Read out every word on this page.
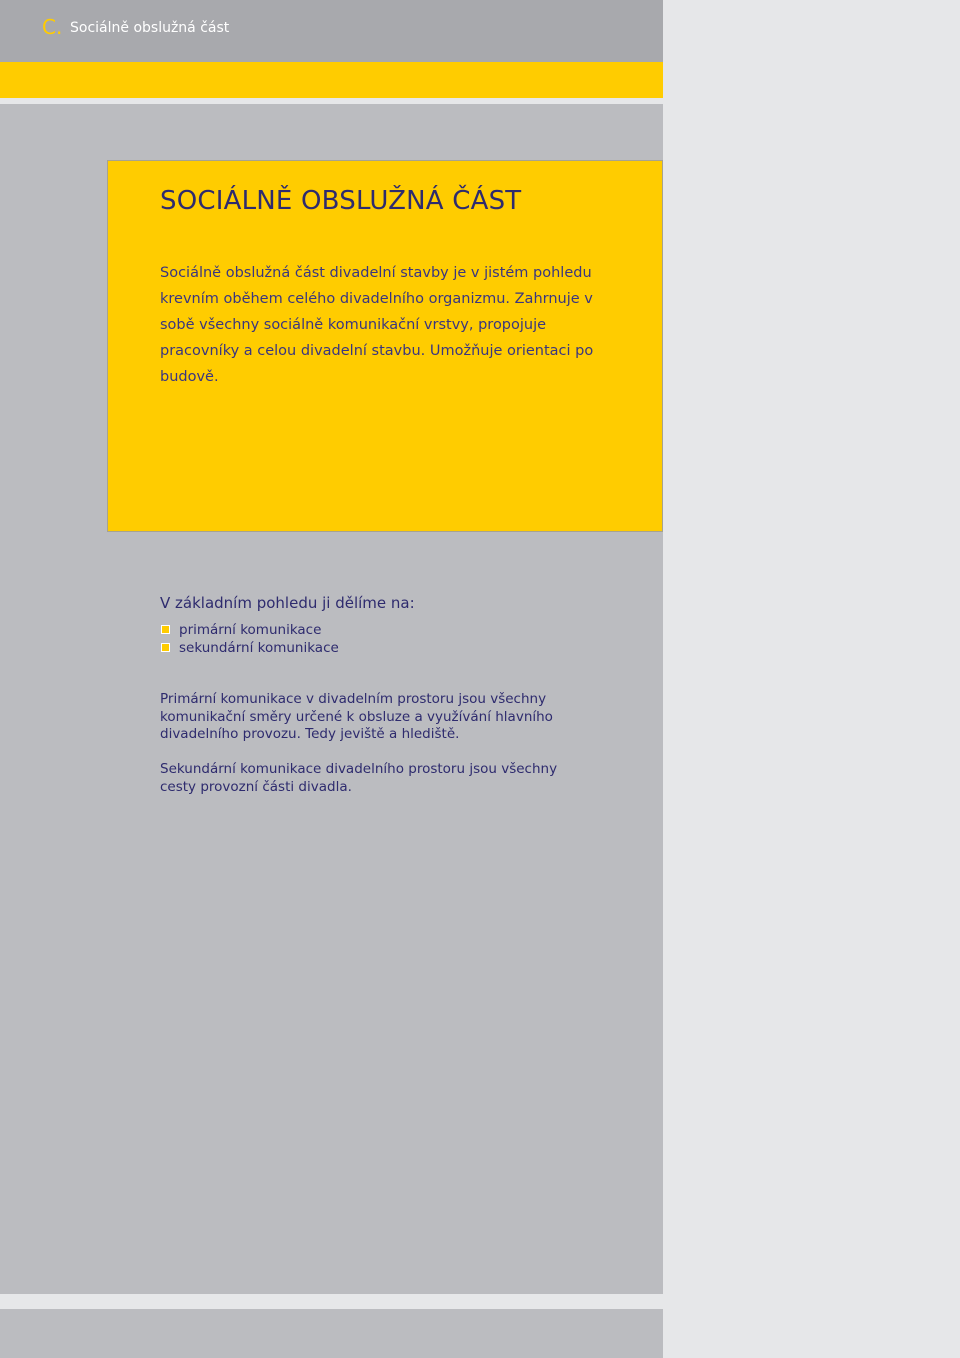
C. Sociálně obslužná část
SOCIÁLNĚ OBSLUŽNÁ ČÁST

Sociálně obslužná část divadelní stavby je v jistém pohledu krevním oběhem celého divadelního organizmu. Zahrnuje v sobě všechny sociálně komunikační vrstvy, propojuje pracovníky a celou divadelní stavbu. Umožňuje orientaci po budově.

V základním pohledu ji dělíme na:

primární komunikace
sekundární komunikace

Primární komunikace v divadelním prostoru jsou všechny komunikační směry určené k obsluze a využívání hlavního divadelního provozu. Tedy jeviště a hlediště.

Sekundární komunikace divadelního prostoru jsou všechny cesty provozní části divadla.
